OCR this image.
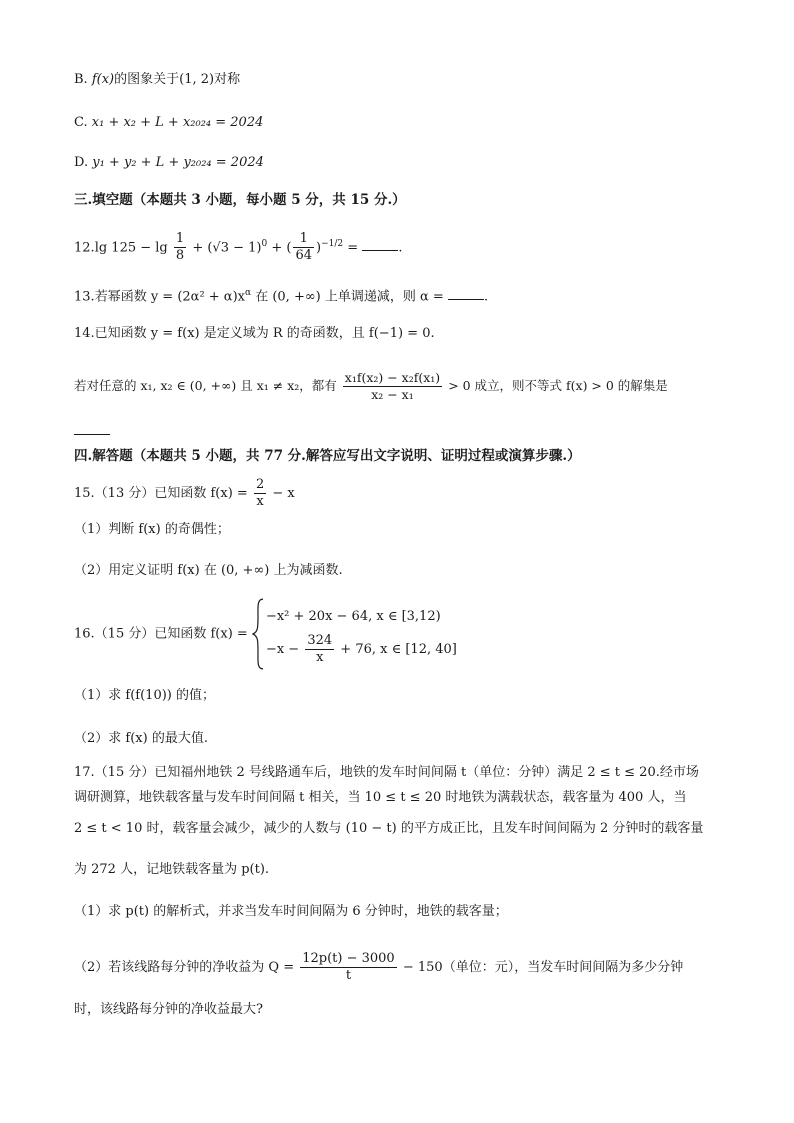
B. f(x)的图象关于(1, 2)对称
C. x₁ + x₂ + L + x₂₀₂₄ = 2024
D. y₁ + y₂ + L + y₂₀₂₄ = 2024
三.填空题（本题共 3 小题，每小题 5 分，共 15 分.）
12.lg $125 - \lg \frac{1}{8} + (√3 - 1)^0$ + ( $\frac{1}{64} )^{-1/2}$ =	.
13.若幂函数 $y = (2\alpha^2 + \alpha)x^\alpha$ 在 (0, +∞) 上单调递减，则 α =	.
14.已知函数 y = f(x) 是定义域为 R 的奇函数，且 f(−1) = 0.
若对任意的 x₁, x₂ ∈ (0, +∞) 且 x₁ ≠ x₂，都有 $\frac{\text{x₁f(x₂) − x₂f(x₁)}}{\text{x₂ − x₁}} > 0$ 成立，则不等式 f(x) > 0 的解集是
四.解答题（本题共 5 小题，共 77 分.解答应写出文字说明、证明过程或演算步骤.）
15.（13 分）已知函数 $f(x) = \frac{2}{x} - x$
（1）判断 f(x) 的奇偶性；
（2）用定义证明 f(x) 在 (0, +∞) 上为减函数.
16.（15 分）已知函数 f(x) =
−x² + 20x − 64, x ∈ [3,12)
$-x - \frac{324}{x} + 76$, x ∈ [12, 40]
（1）求 f(f(10)) 的值；
（2）求 f(x) 的最大值.
17.（15 分）已知福州地铁 2 号线路通车后，地铁的发车时间间隔 t（单位：分钟）满足 2 ≤ t ≤ 20.经市场
调研测算，地铁载客量与发车时间间隔 t 相关，当 10 ≤ t ≤ 20 时地铁为满载状态，载客量为 400 人，当
2 ≤ t < 10 时，载客量会减少，减少的人数与 (10 − t) 的平方成正比，且发车时间间隔为 2 分钟时的载客量
为 272 人，记地铁载客量为 p(t).
（1）求 p(t) 的解析式，并求当发车时间间隔为 6 分钟时，地铁的载客量；
（2）若该线路每分钟的净收益为 $Q = \frac{12p(t) - 3000}{t} - 150$（单位：元），当发车时间间隔为多少分钟
时，该线路每分钟的净收益最大?
